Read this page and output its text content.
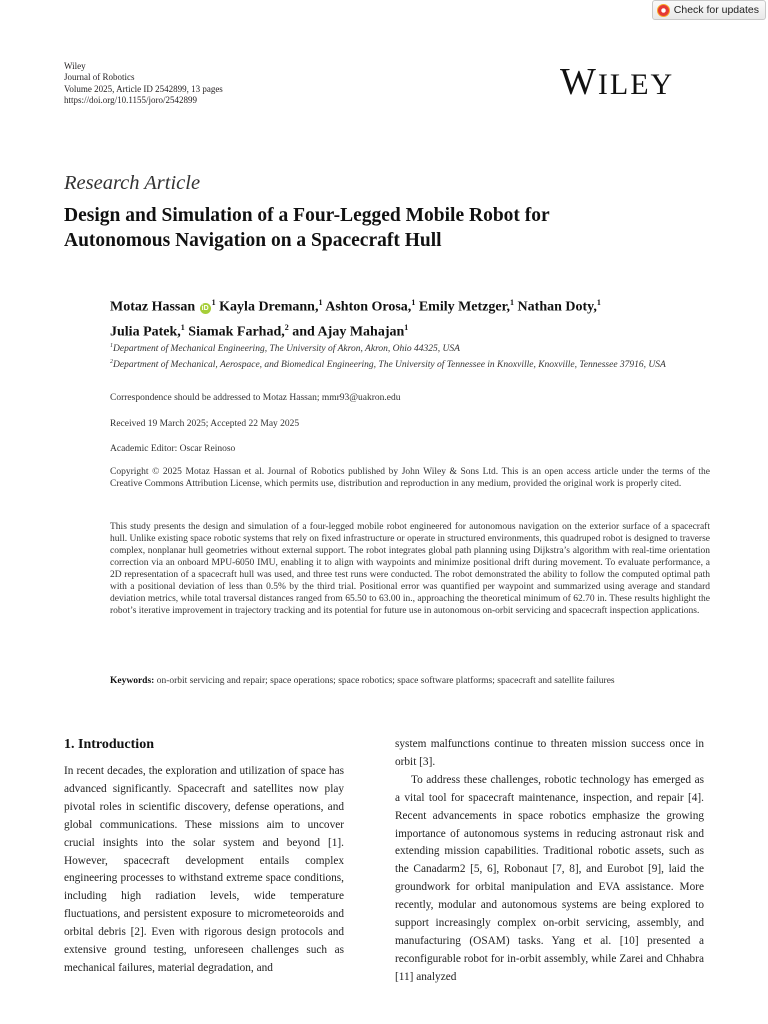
Check for updates
Wiley
Journal of Robotics
Volume 2025, Article ID 2542899, 13 pages
https://doi.org/10.1155/joro/2542899	WILEY
Research Article
Design and Simulation of a Four-Legged Mobile Robot for
Autonomous Navigation on a Spacecraft Hull
Motaz Hassan $iD^1$ Kayla Dremann,$^1$ Ashton Orosa,$^1$ Emily Metzger,$^1$ Nathan Doty,$^1$
Julia Patek,$^1$ Siamak Farhad,$^2$ and Ajay Mahajan$^1$
$^1$Department of Mechanical Engineering, The University of Akron, Akron, Ohio 44325, USA
$^2$Department of Mechanical, Aerospace, and Biomedical Engineering, The University of Tennessee in Knoxville, Knoxville, Tennessee 37916, USA
Correspondence should be addressed to Motaz Hassan; mmr93@uakron.edu
Received 19 March 2025; Accepted 22 May 2025
Academic Editor: Oscar Reinoso
Copyright © 2025 Motaz Hassan et al. Journal of Robotics published by John Wiley & Sons Ltd. This is an open access article under the terms of the Creative Commons Attribution License, which permits use, distribution and reproduction in any medium, provided the original work is properly cited.
This study presents the design and simulation of a four-legged mobile robot engineered for autonomous navigation on the exterior surface of a spacecraft hull. Unlike existing space robotic systems that rely on fixed infrastructure or operate in structured environments, this quadruped robot is designed to traverse complex, nonplanar hull geometries without external support. The robot integrates global path planning using Dijkstra’s algorithm with real-time orientation correction via an onboard MPU-6050 IMU, enabling it to align with waypoints and minimize positional drift during movement. To evaluate performance, a 2D representation of a spacecraft hull was used, and three test runs were conducted. The robot demonstrated the ability to follow the computed optimal path with a positional deviation of less than 0.5% by the third trial. Positional error was quantified per waypoint and summarized using average and standard deviation metrics, while total traversal distances ranged from 65.50 to 63.00 in., approaching the theoretical minimum of 62.70 in. These results highlight the robot’s iterative improvement in trajectory tracking and its potential for future use in autonomous on-orbit servicing and spacecraft inspection applications.
Keywords: on-orbit servicing and repair; space operations; space robotics; space software platforms; spacecraft and satellite failures
1. Introduction

In recent decades, the exploration and utilization of space has advanced significantly. Spacecraft and satellites now play pivotal roles in scientific discovery, defense operations, and global communications. These missions aim to uncover crucial insights into the solar system and beyond [1]. However, spacecraft development entails complex engineering processes to withstand extreme space conditions, including high radiation levels, wide temperature fluctuations, and persistent exposure to micrometeoroids and orbital debris [2]. Even with rigorous design protocols and extensive ground testing, unforeseen challenges such as mechanical failures, material degradation, and

system malfunctions continue to threaten mission success once in orbit [3].

To address these challenges, robotic technology has emerged as a vital tool for spacecraft maintenance, inspection, and repair [4]. Recent advancements in space robotics emphasize the growing importance of autonomous systems in reducing astronaut risk and extending mission capabilities. Traditional robotic assets, such as the Canadarm2 [5, 6], Robonaut [7, 8], and Eurobot [9], laid the groundwork for orbital manipulation and EVA assistance. More recently, modular and autonomous systems are being explored to support increasingly complex on-orbit servicing, assembly, and manufacturing (OSAM) tasks. Yang et al. [10] presented a reconfigurable robot for in-orbit assembly, while Zarei and Chhabra [11] analyzed
